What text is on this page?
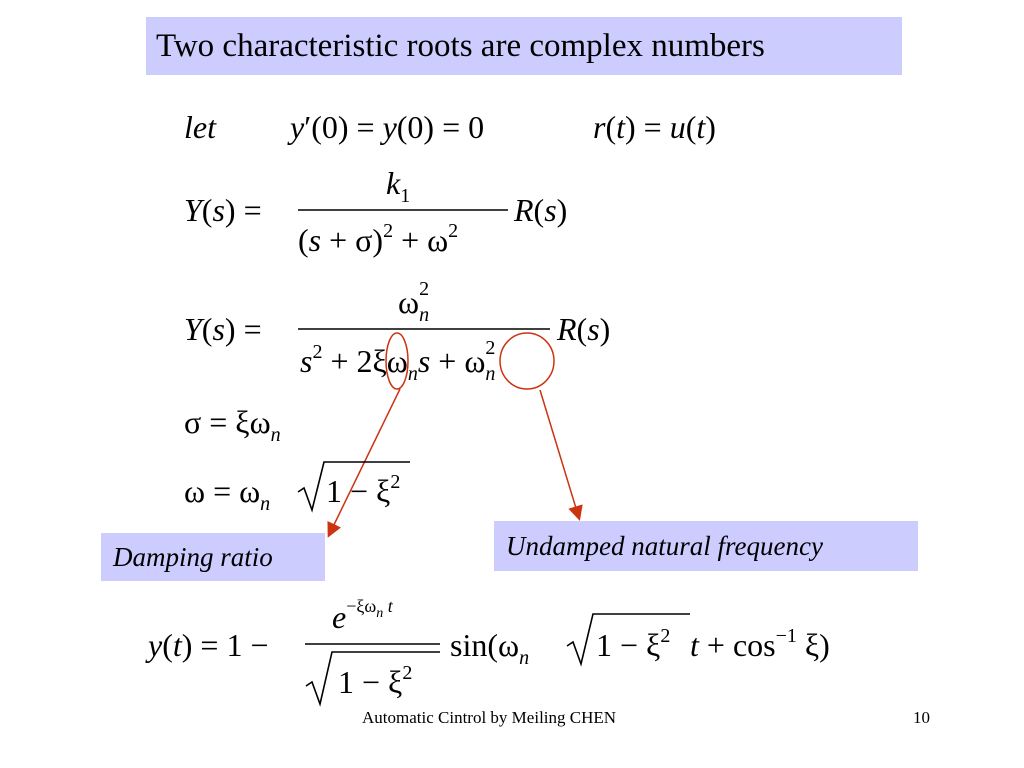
Two characteristic roots are complex numbers
let y′(0) = y(0) = 0	r(t) = u(t)
Y(s) =
$k_1$
$(s + \sigma)^2 + \omega^2$
R(s)
Y(s) =
$\omega_n2$
$s^2 + 2\xi\omega_ns + \omega_n2$
R(s)
$\sigma = \xi\omega_n$
$\omega = \omega_n$ $1 - \xi^2$
y(t) = 1 −
$e^{-\xi\omega}n$ t
$1 - \xi^2$
$\sin(\omega_n$ $1 - \xi^2$ $t + \cos^{-1} \xi$)
Damping ratio	Undamped natural frequency
Automatic Cintrol by Meiling CHEN	10
